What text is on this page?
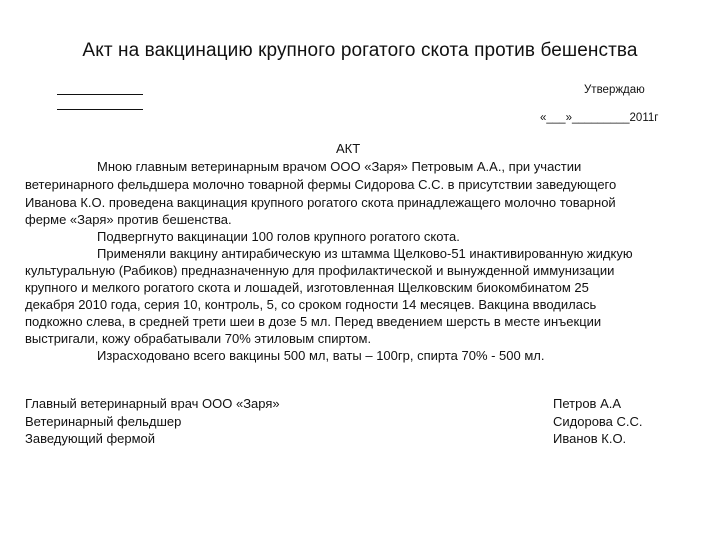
Акт на вакцинацию крупного рогатого скота против бешенства
Утверждаю
«___»_________2011г
АКТ
Мною главным ветеринарным врачом ООО «Заря» Петровым А.А., при участии
ветеринарного фельдшера молочно товарной фермы Сидорова С.С. в присутствии заведующего
Иванова К.О. проведена вакцинация крупного рогатого скота принадлежащего молочно товарной
ферме «Заря» против бешенства.
Подвергнуто вакцинации 100 голов крупного рогатого скота.
Применяли вакцину антирабическую из штамма Щелково-51 инактивированную жидкую
культуральную (Рабиков) предназначенную для профилактической и вынужденной иммунизации
крупного и мелкого рогатого скота и лошадей, изготовленная Щелковским биокомбинатом 25
декабря 2010 года, серия 10, контроль, 5, со сроком годности 14 месяцев. Вакцина вводилась
подкожно слева, в средней трети шеи в дозе 5 мл. Перед введением шерсть в месте инъекции
выстригали, кожу обрабатывали 70% этиловым спиртом.
Израсходовано всего вакцины 500 мл, ваты – 100гр, спирта 70% - 500 мл.
Главный ветеринарный врач ООО «Заря»	Петров А.А
Ветеринарный фельдшер	Сидорова С.С.
Заведующий фермой	Иванов К.О.
